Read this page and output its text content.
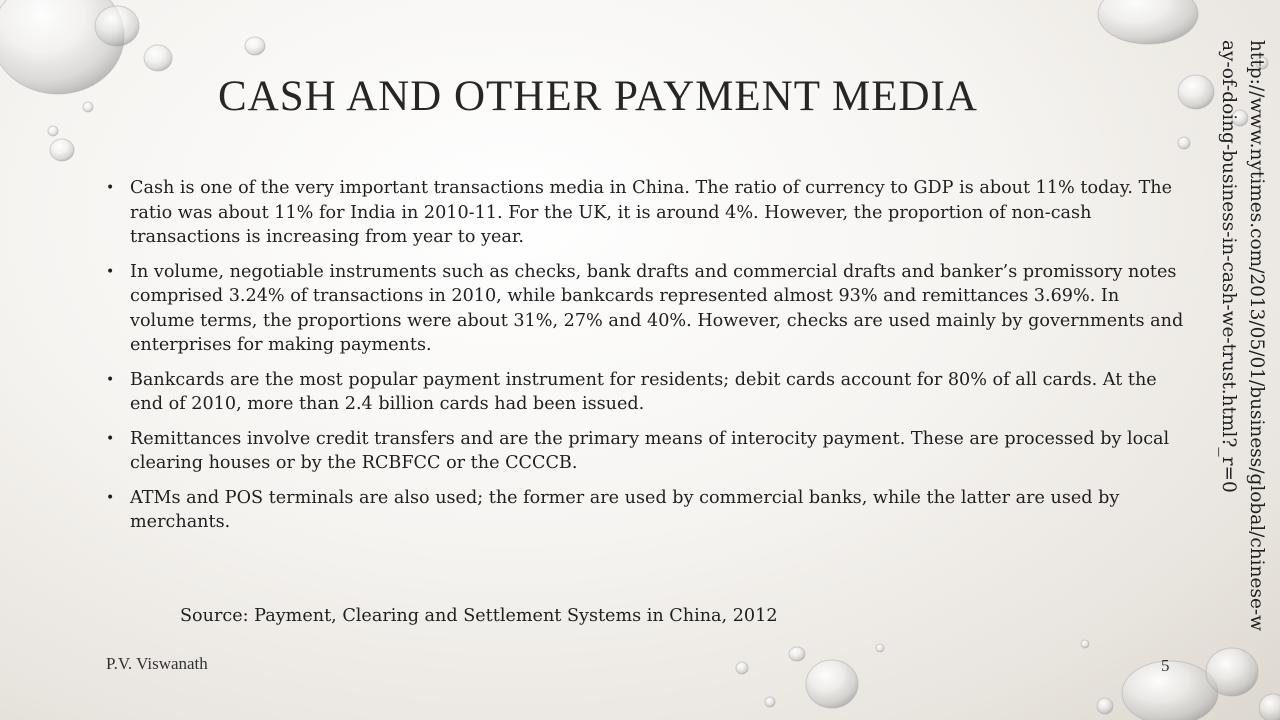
CASH AND OTHER PAYMENT MEDIA
• Cash is one of the very important transactions media in China. The ratio of currency to GDP is about 11% today. The ratio was about 11% for India in 2010-11. For the UK, it is around 4%. However, the proportion of non-cash transactions is increasing from year to year.
• In volume, negotiable instruments such as checks, bank drafts and commercial drafts and banker’s promissory notes comprised 3.24% of transactions in 2010, while bankcards represented almost 93% and remittances 3.69%. In volume terms, the proportions were about 31%, 27% and 40%. However, checks are used mainly by governments and enterprises for making payments.
• Bankcards are the most popular payment instrument for residents; debit cards account for 80% of all cards. At the end of 2010, more than 2.4 billion cards had been issued.
• Remittances involve credit transfers and are the primary means of interocity payment. These are processed by local clearing houses or by the RCBFCC or the CCCCB.
• ATMs and POS terminals are also used; the former are used by commercial banks, while the latter are used by merchants.
Source: Payment, Clearing and Settlement Systems in China, 2012
P.V. Viswanath	5
http://www.nytimes.com/2013/05/01/business/global/chinese-way-of-doing-business-in-cash-we-trust.html?_r=0
